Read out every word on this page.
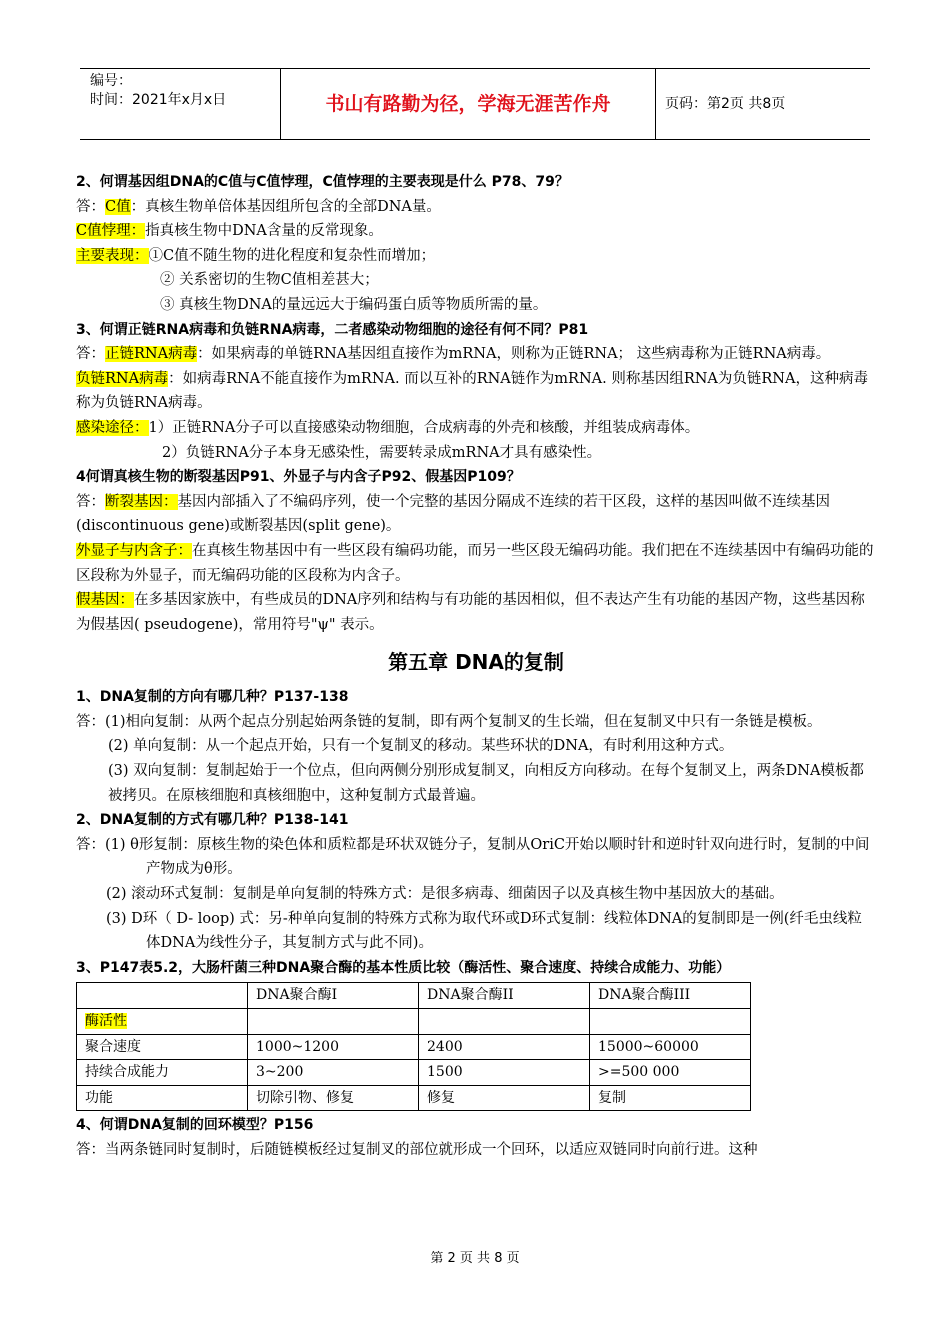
编号：
时间：2021年x月x日	书山有路勤为径，学海无涯苦作舟	页码：第2页 共8页

2、何谓基因组DNA的C值与C值悖理，C值悖理的主要表现是什么 P78、79？

答：C值：真核生物单倍体基因组所包含的全部DNA量。

C值悖理：指真核生物中DNA含量的反常现象。

主要表现：①C值不随生物的进化程度和复杂性而增加；

② 关系密切的生物C值相差甚大；

③ 真核生物DNA的量远远大于编码蛋白质等物质所需的量。

3、何谓正链RNA病毒和负链RNA病毒，二者感染动物细胞的途径有何不同？P81

答：正链RNA病毒：如果病毒的单链RNA基因组直接作为mRNA，则称为正链RNA； 这些病毒称为正链RNA病毒。

负链RNA病毒：如病毒RNA不能直接作为mRNA. 而以互补的RNA链作为mRNA. 则称基因组RNA为负链RNA，这种病毒称为负链RNA病毒。

感染途径：1）正链RNA分子可以直接感染动物细胞，合成病毒的外壳和核酸，并组装成病毒体。

2）负链RNA分子本身无感染性，需要转录成mRNA才具有感染性。

4何谓真核生物的断裂基因P91、外显子与内含子P92、假基因P109？

答：断裂基因：基因内部插入了不编码序列，使一个完整的基因分隔成不连续的若干区段，这样的基因叫做不连续基因(discontinuous gene)或断裂基因(split gene)。

外显子与内含子：在真核生物基因中有一些区段有编码功能，而另一些区段无编码功能。我们把在不连续基因中有编码功能的区段称为外显子，而无编码功能的区段称为内含子。

假基因：在多基因家族中，有些成员的DNA序列和结构与有功能的基因相似，但不表达产生有功能的基因产物，这些基因称为假基因( pseudogene)，常用符号"ψ" 表示。

第五章 DNA的复制

1、DNA复制的方向有哪几种？P137-138

答：(1)相向复制：从两个起点分别起始两条链的复制，即有两个复制叉的生长端，但在复制叉中只有一条链是模板。

(2) 单向复制：从一个起点开始，只有一个复制叉的移动。某些环状的DNA，有时利用这种方式。

(3) 双向复制：复制起始于一个位点，但向两侧分别形成复制叉，向相反方向移动。在每个复制叉上，两条DNA模板都被拷贝。在原核细胞和真核细胞中，这种复制方式最普遍。

2、DNA复制的方式有哪几种？P138-141

答：(1) θ形复制：原核生物的染色体和质粒都是环状双链分子，复制从OriC开始以顺时针和逆时针双向进行时，复制的中间产物成为θ形。

(2) 滚动环式复制：复制是单向复制的特殊方式：是很多病毒、细菌因子以及真核生物中基因放大的基础。

(3) D环（ D- loop) 式：另-种单向复制的特殊方式称为取代环或D环式复制：线粒体DNA的复制即是一例(纤毛虫线粒体DNA为线性分子，其复制方式与此不同)。

3、P147表5.2，大肠杆菌三种DNA聚合酶的基本性质比较（酶活性、聚合速度、持续合成能力、功能）

	DNA聚合酶I	DNA聚合酶II	DNA聚合酶III
酶活性			
聚合速度	1000~1200	2400	15000~60000
持续合成能力	3~200	1500	>=500 000
功能	切除引物、修复	修复	复制

4、何谓DNA复制的回环模型？P156

答：当两条链同时复制时，后随链模板经过复制叉的部位就形成一个回环，以适应双链同时向前行进。这种

第 2 页 共 8 页
